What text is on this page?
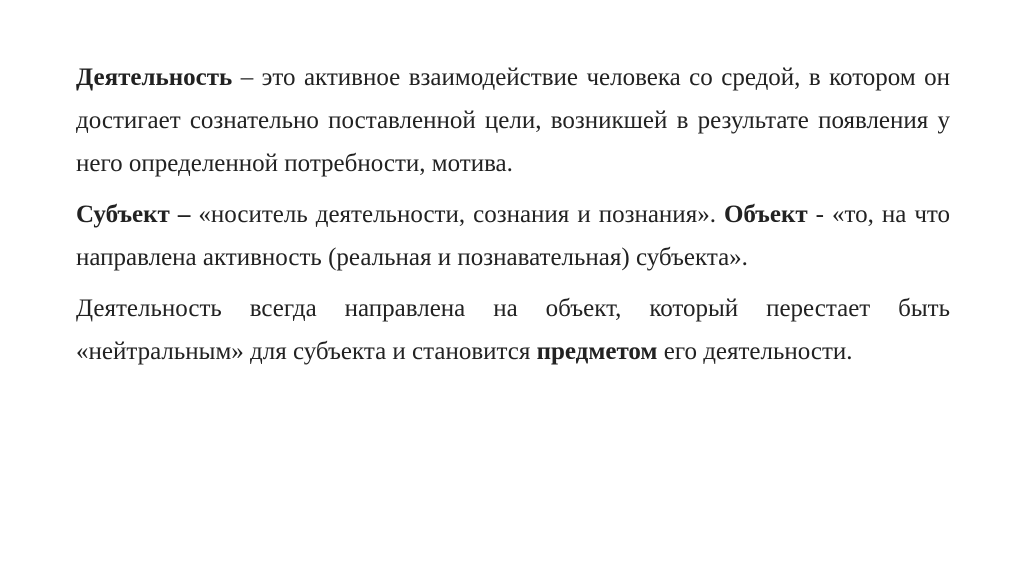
Деятельность – это активное взаимодействие человека со средой, в котором он достигает сознательно поставленной цели, возникшей в результате появления у него определенной потребности, мотива.

Субъект – «носитель деятельности, сознания и познания». Объект - «то, на что направлена активность (реальная и познавательная) субъекта».

Деятельность всегда направлена на объект, который перестает быть «нейтральным» для субъекта и становится предметом его деятельности.
